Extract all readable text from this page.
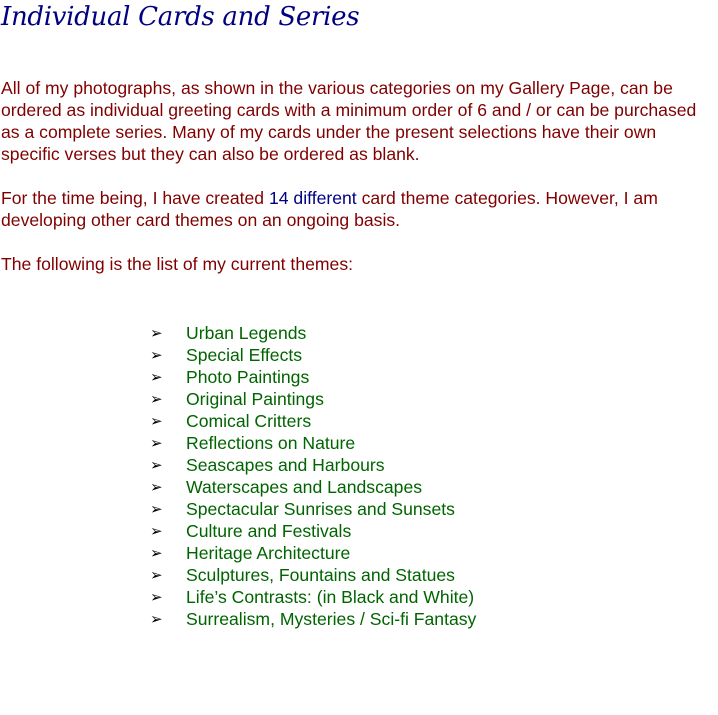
Individual Cards and Series

All of my photographs, as shown in the various categories on my Gallery Page, can be ordered as individual greeting cards with a minimum order of 6 and / or can be purchased as a complete series. Many of my cards under the present selections have their own specific verses but they can also be ordered as blank.

For the time being, I have created 14 different card theme categories. However, I am developing other card themes on an ongoing basis.

The following is the list of my current themes:

➢	Urban Legends
➢	Special Effects
➢	Photo Paintings
➢	Original Paintings
➢	Comical Critters
➢	Reflections on Nature
➢	Seascapes and Harbours
➢	Waterscapes and Landscapes
➢	Spectacular Sunrises and Sunsets
➢	Culture and Festivals
➢	Heritage Architecture
➢	Sculptures, Fountains and Statues
➢	Life’s Contrasts: (in Black and White)
➢	Surrealism, Mysteries / Sci-fi Fantasy
